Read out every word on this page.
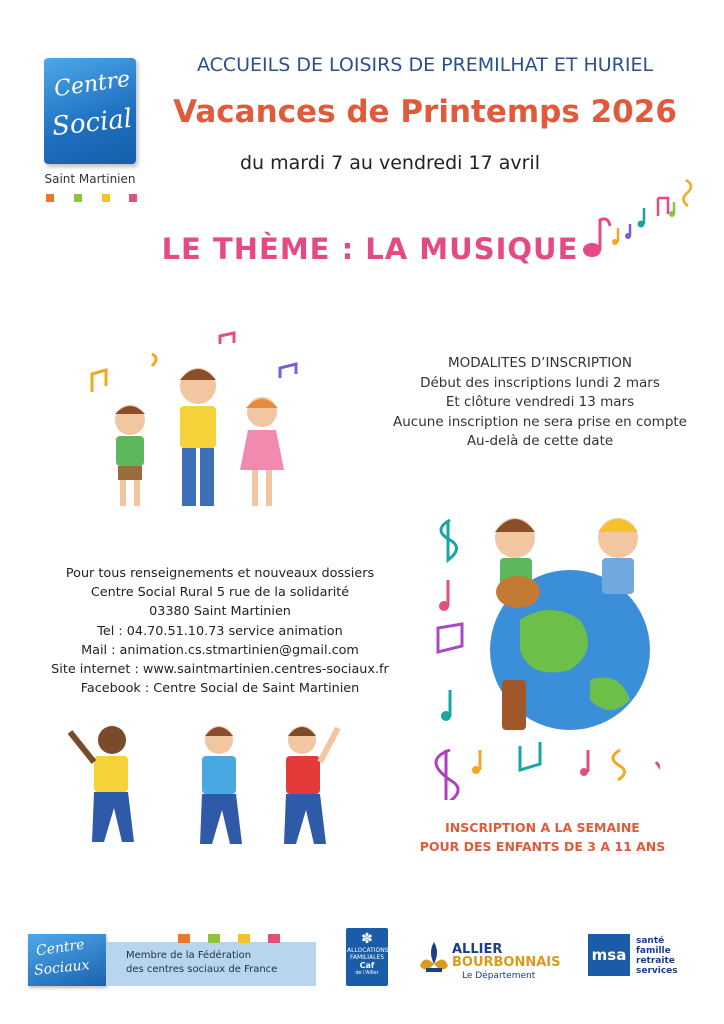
Centre
Social
Saint Martinien
ACCUEILS DE LOISIRS DE PREMILHAT ET HURIEL
Vacances de Printemps 2026
du mardi 7 au vendredi 17 avril
LE THÈME : LA MUSIQUE
MODALITES D’INSCRIPTION
Début des inscriptions lundi 2 mars
Et clôture vendredi 13 mars
Aucune inscription ne sera prise en compte
Au-delà de cette date
Pour tous renseignements et nouveaux dossiers
Centre Social Rural 5 rue de la solidarité
03380 Saint Martinien
Tel : 04.70.51.10.73 service animation
Mail : animation.cs.stmartinien@gmail.com
Site internet : www.saintmartinien.centres-sociaux.fr
Facebook : Centre Social de Saint Martinien
INSCRIPTION A LA SEMAINE
POUR DES ENFANTS DE 3 A 11 ANS
Centre
Sociaux
Membre de la Fédération
des centres sociaux de France
✽
ALLOCATIONS FAMILIALES
Caf
de l'Allier
ALLIER
BOURBONNAIS
Le Département
msa
santé
famille
retraite
services
